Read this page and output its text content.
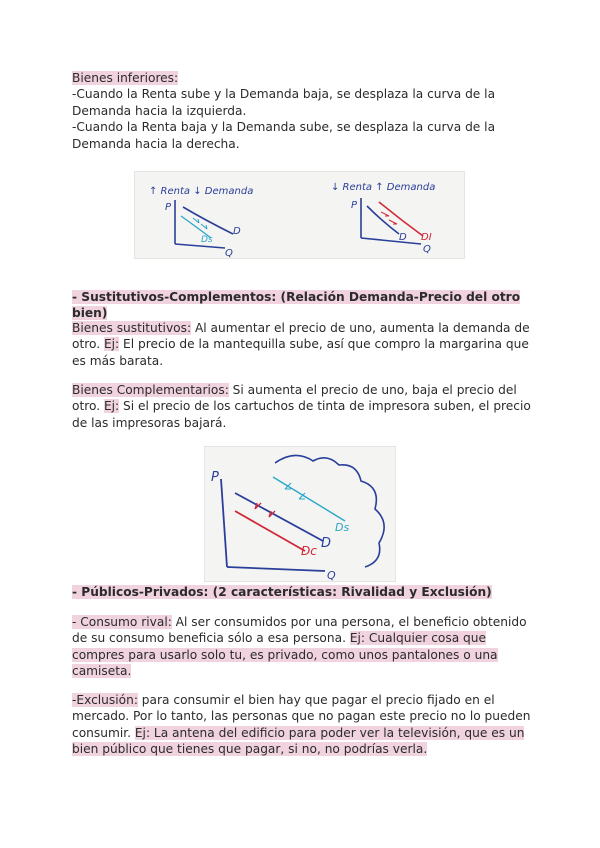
Bienes inferiores:
-Cuando la Renta sube y la Demanda baja, se desplaza la curva de la Demanda hacia la izquierda.
-Cuando la Renta baja y la Demanda sube, se desplaza la curva de la Demanda hacia la derecha.

↑ Renta ↓ Demanda
P
Q
D
Ds
↓ Renta ↑ Demanda
P
Q
D DI

- Sustitutivos-Complementos: (Relación Demanda-Precio del otro bien)

Bienes sustitutivos: Al aumentar el precio de uno, aumenta la demanda de otro. Ej: El precio de la mantequilla sube, así que compro la margarina que es más barata.

Bienes Complementarios: Si aumenta el precio de uno, baja el precio del otro. Ej: Si el precio de los cartuchos de tinta de impresora suben, el precio de las impresoras bajará.

P
Q
Ds
D
Dc

- Públicos-Privados: (2 características: Rivalidad y Exclusión)

- Consumo rival: Al ser consumidos por una persona, el beneficio obtenido de su consumo beneficia sólo a esa persona. Ej: Cualquier cosa que compres para usarlo solo tu, es privado, como unos pantalones o una camiseta.

-Exclusión: para consumir el bien hay que pagar el precio fijado en el mercado. Por lo tanto, las personas que no pagan este precio no lo pueden consumir. Ej: La antena del edificio para poder ver la televisión, que es un bien público que tienes que pagar, si no, no podrías verla.
